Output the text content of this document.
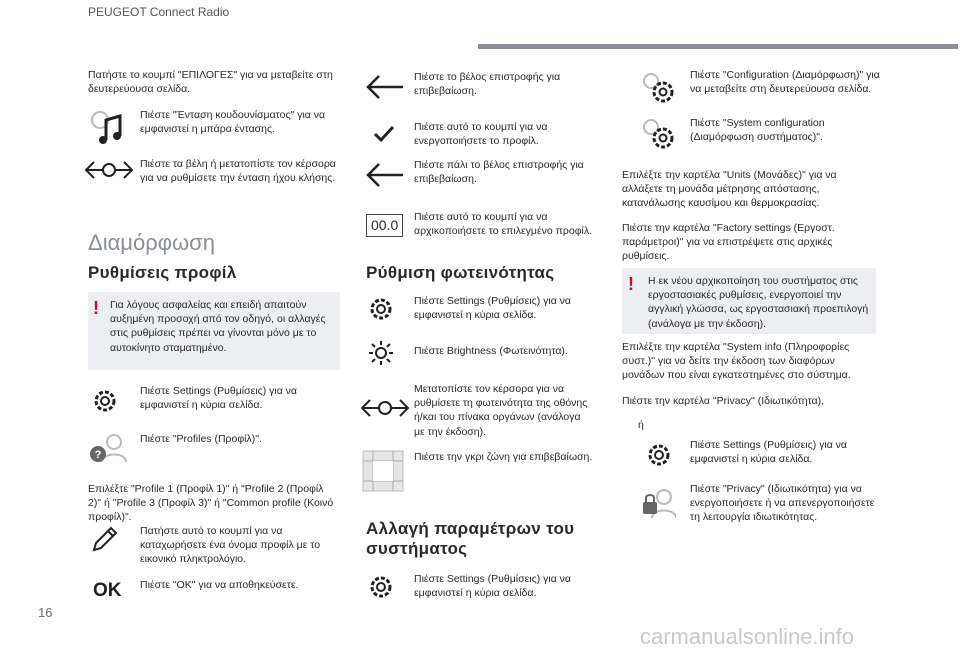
PEUGEOT Connect Radio
16
carmanualsonline.info
Πατήστε το κουμπί "ΕΠΙΛΟΓΕΣ" για να μεταβείτε στη δευτερεύουσα σελίδα.
Πιέστε "Ένταση κουδουνίσματος" για να εμφανιστεί η μπάρα έντασης.
Πιέστε τα βέλη ή μετατοπίστε τον κέρσορα για να ρυθμίσετε την ένταση ήχου κλήσης.
Διαμόρφωση
Ρυθμίσεις προφίλ
! Για λόγους ασφαλείας και επειδή απαιτούν αυξημένη προσοχή από τον οδηγό, οι αλλαγές στις ρυθμίσεις πρέπει να γίνονται μόνο με το αυτοκίνητο σταματημένο.
Πιέστε Settings (Ρυθμίσεις) για να εμφανιστεί η κύρια σελίδα.
?
Πιέστε "Profiles (Προφίλ)".
Επιλέξτε "Profile 1 (Προφίλ 1)" ή "Profile 2 (Προφίλ 2)" ή "Profile 3 (Προφίλ 3)" ή "Common profile (Κοινό προφίλ)".
Πατήστε αυτό το κουμπί για να καταχωρήσετε ένα όνομα προφίλ με το εικονικό πληκτρολόγιο.
OK Πιέστε "OK" για να αποθηκεύσετε.
Πιέστε το βέλος επιστροφής για επιβεβαίωση.
Πιέστε αυτό το κουμπί για να ενεργοποιήσετε το προφίλ.
Πιέστε πάλι το βέλος επιστροφής για επιβεβαίωση.
00.0	Πιέστε αυτό το κουμπί για να αρχικοποιήσετε το επιλεγμένο προφίλ.
Ρύθμιση φωτεινότητας
Πιέστε Settings (Ρυθμίσεις) για να εμφανιστεί η κύρια σελίδα.
Πιέστε Brightness (Φωτεινότητα).
Μετατοπίστε τον κέρσορα για να ρυθμίσετε τη φωτεινότητα της οθόνης ή/και του πίνακα οργάνων (ανάλογα με την έκδοση).
Πιέστε την γκρι ζώνη για επιβεβαίωση.
Αλλαγή παραμέτρων του
συστήματος
Πιέστε Settings (Ρυθμίσεις) για να εμφανιστεί η κύρια σελίδα.
Πιέστε "Configuration (Διαμόρφωση)" για να μεταβείτε στη δευτερεύουσα σελίδα.
Πιέστε "System configuration (Διαμόρφωση συστήματος)".
Επιλέξτε την καρτέλα "Units (Μονάδες)" για να αλλάξετε τη μονάδα μέτρησης απόστασης, κατανάλωσης καυσίμου και θερμοκρασίας.
Πιέστε την καρτέλα "Factory settings (Εργοστ. παράμετροι)" για να επιστρέψετε στις αρχικές ρυθμίσεις.
! Η εκ νέου αρχικοποίηση του συστήματος στις εργοστασιακές ρυθμίσεις, ενεργοποιεί την αγγλική γλώσσα, ως εργοστασιακή προεπιλογή (ανάλογα με την έκδοση).
Επιλέξτε την καρτέλα "System info (Πληροφορίες συστ.)" για να δείτε την έκδοση των διαφόρων μονάδων που είναι εγκατεστημένες στο σύστημα.
Πιέστε την καρτέλα "Privacy" (Ιδιωτικότητα),
ή
Πιέστε Settings (Ρυθμίσεις) για να εμφανιστεί η κύρια σελίδα.
Πιέστε "Privacy" (Ιδιωτικότητα) για να ενεργοποιήσετε ή να απενεργοποιήσετε τη λειτουργία ιδιωτικότητας.
